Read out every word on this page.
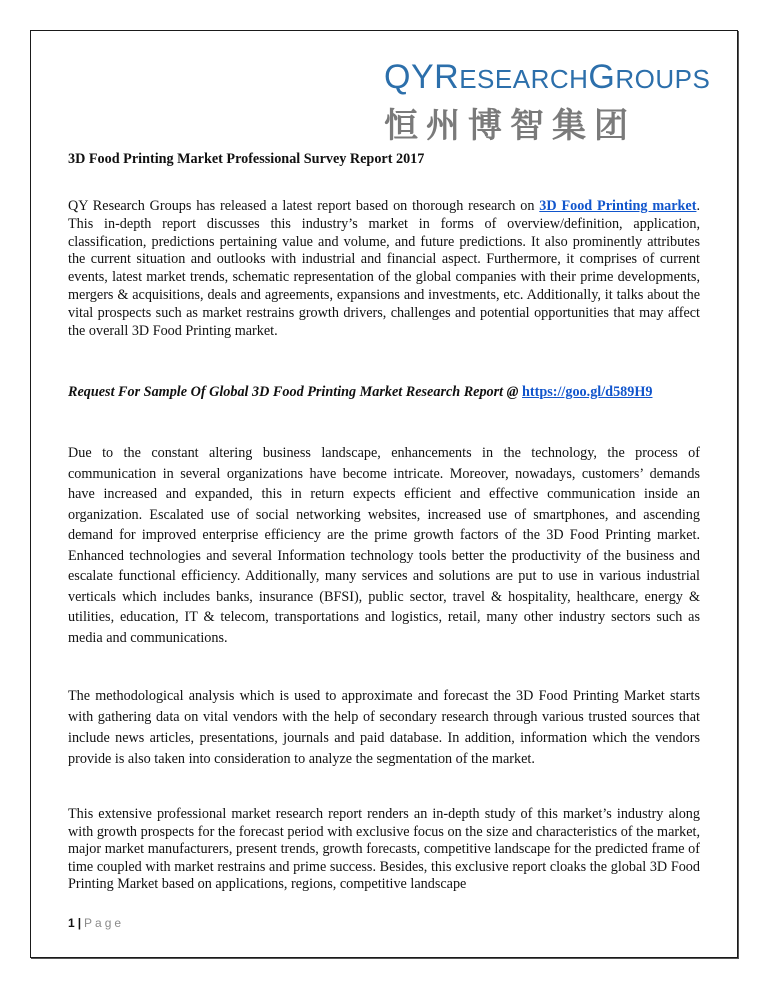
QYRESEARCHGROUPS
恒州博智集团
3D Food Printing Market Professional Survey Report 2017
QY Research Groups has released a latest report based on thorough research on 3D Food Printing market. This in-depth report discusses this industry’s market in forms of overview/definition, application, classification, predictions pertaining value and volume, and future predictions. It also prominently attributes the current situation and outlooks with industrial and financial aspect. Furthermore, it comprises of current events, latest market trends, schematic representation of the global companies with their prime developments, mergers & acquisitions, deals and agreements, expansions and investments, etc. Additionally, it talks about the vital prospects such as market restrains growth drivers, challenges and potential opportunities that may affect the overall 3D Food Printing market.
Request For Sample Of Global 3D Food Printing Market Research Report @ https://goo.gl/d589H9
Due to the constant altering business landscape, enhancements in the technology, the process of communication in several organizations have become intricate. Moreover, nowadays, customers’ demands have increased and expanded, this in return expects efficient and effective communication inside an organization. Escalated use of social networking websites, increased use of smartphones, and ascending demand for improved enterprise efficiency are the prime growth factors of the 3D Food Printing market. Enhanced technologies and several Information technology tools better the productivity of the business and escalate functional efficiency. Additionally, many services and solutions are put to use in various industrial verticals which includes banks, insurance (BFSI), public sector, travel & hospitality, healthcare, energy & utilities, education, IT & telecom, transportations and logistics, retail, many other industry sectors such as media and communications.
The methodological analysis which is used to approximate and forecast the 3D Food Printing Market starts with gathering data on vital vendors with the help of secondary research through various trusted sources that include news articles, presentations, journals and paid database. In addition, information which the vendors provide is also taken into consideration to analyze the segmentation of the market.
This extensive professional market research report renders an in-depth study of this market’s industry along with growth prospects for the forecast period with exclusive focus on the size and characteristics of the market, major market manufacturers, present trends, growth forecasts, competitive landscape for the predicted frame of time coupled with market restrains and prime success. Besides, this exclusive report cloaks the global 3D Food Printing Market based on applications, regions, competitive landscape
1 | Page
